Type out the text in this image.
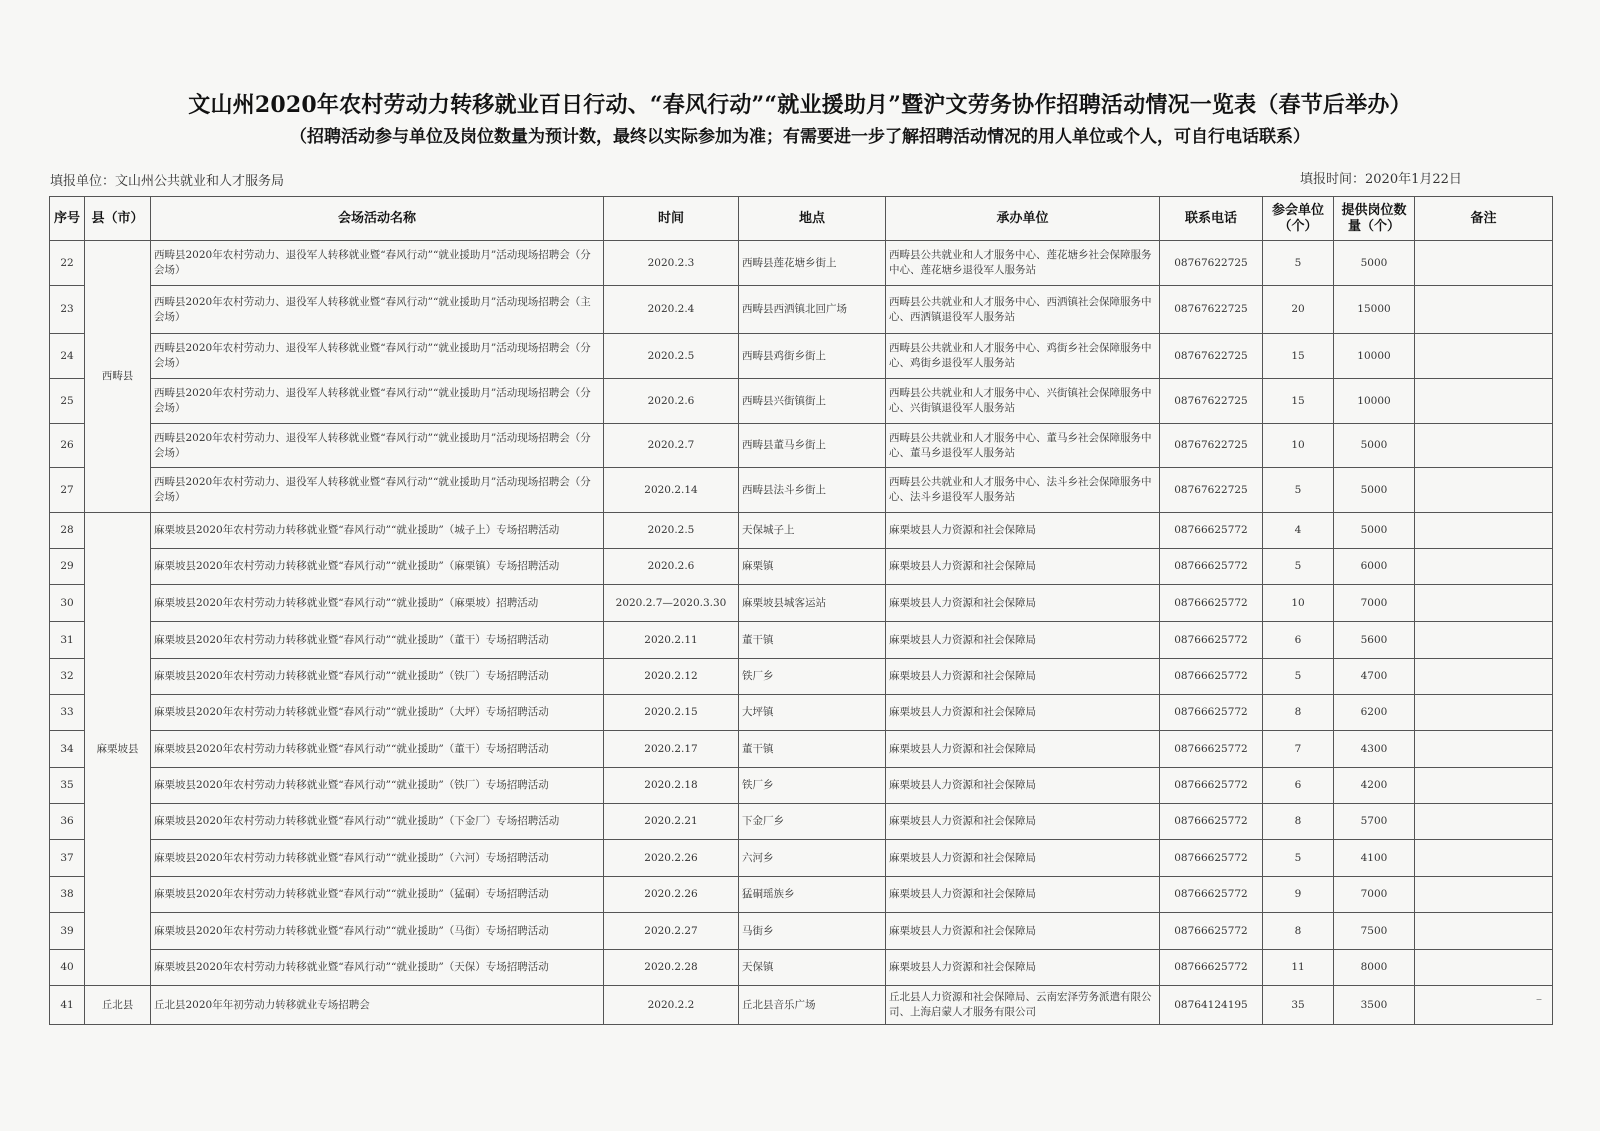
文山州2020年农村劳动力转移就业百日行动、“春风行动”“就业援助月”暨沪文劳务协作招聘活动情况一览表（春节后举办）
（招聘活动参与单位及岗位数量为预计数，最终以实际参加为准；有需要进一步了解招聘活动情况的用人单位或个人，可自行电话联系）
填报单位：文山州公共就业和人才服务局	填报时间：2020年1月22日
序号	县（市）	会场活动名称	时间	地点	承办单位	联系电话	参会单位（个）	提供岗位数量（个）	备注
22	西畴县	西畴县2020年农村劳动力、退役军人转移就业暨“春风行动”“就业援助月”活动现场招聘会（分会场）	2020.2.3	西畴县莲花塘乡街上	西畴县公共就业和人才服务中心、莲花塘乡社会保障服务中心、莲花塘乡退役军人服务站	08767622725	5	5000	
23		西畴县2020年农村劳动力、退役军人转移就业暨“春风行动”“就业援助月”活动现场招聘会（主会场）	2020.2.4	西畴县西洒镇北回广场	西畴县公共就业和人才服务中心、西洒镇社会保障服务中心、西洒镇退役军人服务站	08767622725	20	15000	
24		西畴县2020年农村劳动力、退役军人转移就业暨“春风行动”“就业援助月”活动现场招聘会（分会场）	2020.2.5	西畴县鸡街乡街上	西畴县公共就业和人才服务中心、鸡街乡社会保障服务中心、鸡街乡退役军人服务站	08767622725	15	10000	
25		西畴县2020年农村劳动力、退役军人转移就业暨“春风行动”“就业援助月”活动现场招聘会（分会场）	2020.2.6	西畴县兴街镇街上	西畴县公共就业和人才服务中心、兴街镇社会保障服务中心、兴街镇退役军人服务站	08767622725	15	10000	
26		西畴县2020年农村劳动力、退役军人转移就业暨“春风行动”“就业援助月”活动现场招聘会（分会场）	2020.2.7	西畴县董马乡街上	西畴县公共就业和人才服务中心、董马乡社会保障服务中心、董马乡退役军人服务站	08767622725	10	5000	
27		西畴县2020年农村劳动力、退役军人转移就业暨“春风行动”“就业援助月”活动现场招聘会（分会场）	2020.2.14	西畴县法斗乡街上	西畴县公共就业和人才服务中心、法斗乡社会保障服务中心、法斗乡退役军人服务站	08767622725	5	5000	
28	麻栗坡县	麻栗坡县2020年农村劳动力转移就业暨“春风行动”“就业援助”（城子上）专场招聘活动	2020.2.5	天保城子上	麻栗坡县人力资源和社会保障局	08766625772	4	5000	
29		麻栗坡县2020年农村劳动力转移就业暨“春风行动”“就业援助”（麻栗镇）专场招聘活动	2020.2.6	麻栗镇	麻栗坡县人力资源和社会保障局	08766625772	5	6000	
30		麻栗坡县2020年农村劳动力转移就业暨“春风行动”“就业援助”（麻栗坡）招聘活动	2020.2.7—2020.3.30	麻栗坡县城客运站	麻栗坡县人力资源和社会保障局	08766625772	10	7000	
31		麻栗坡县2020年农村劳动力转移就业暨“春风行动”“就业援助”（董干）专场招聘活动	2020.2.11	董干镇	麻栗坡县人力资源和社会保障局	08766625772	6	5600	
32		麻栗坡县2020年农村劳动力转移就业暨“春风行动”“就业援助”（铁厂）专场招聘活动	2020.2.12	铁厂乡	麻栗坡县人力资源和社会保障局	08766625772	5	4700	
33		麻栗坡县2020年农村劳动力转移就业暨“春风行动”“就业援助”（大坪）专场招聘活动	2020.2.15	大坪镇	麻栗坡县人力资源和社会保障局	08766625772	8	6200	
34		麻栗坡县2020年农村劳动力转移就业暨“春风行动”“就业援助”（董干）专场招聘活动	2020.2.17	董干镇	麻栗坡县人力资源和社会保障局	08766625772	7	4300	
35		麻栗坡县2020年农村劳动力转移就业暨“春风行动”“就业援助”（铁厂）专场招聘活动	2020.2.18	铁厂乡	麻栗坡县人力资源和社会保障局	08766625772	6	4200	
36		麻栗坡县2020年农村劳动力转移就业暨“春风行动”“就业援助”（下金厂）专场招聘活动	2020.2.21	下金厂乡	麻栗坡县人力资源和社会保障局	08766625772	8	5700	
37		麻栗坡县2020年农村劳动力转移就业暨“春风行动”“就业援助”（六河）专场招聘活动	2020.2.26	六河乡	麻栗坡县人力资源和社会保障局	08766625772	5	4100	
38		麻栗坡县2020年农村劳动力转移就业暨“春风行动”“就业援助”（猛硐）专场招聘活动	2020.2.26	猛硐瑶族乡	麻栗坡县人力资源和社会保障局	08766625772	9	7000	
39		麻栗坡县2020年农村劳动力转移就业暨“春风行动”“就业援助”（马街）专场招聘活动	2020.2.27	马街乡	麻栗坡县人力资源和社会保障局	08766625772	8	7500	
40		麻栗坡县2020年农村劳动力转移就业暨“春风行动”“就业援助”（天保）专场招聘活动	2020.2.28	天保镇	麻栗坡县人力资源和社会保障局	08766625772	11	8000	
41	丘北县	丘北县2020年年初劳动力转移就业专场招聘会	2020.2.2	丘北县音乐广场	丘北县人力资源和社会保障局、云南宏泽劳务派遣有限公司、上海启蒙人才服务有限公司	08764124195	35	3500		–
